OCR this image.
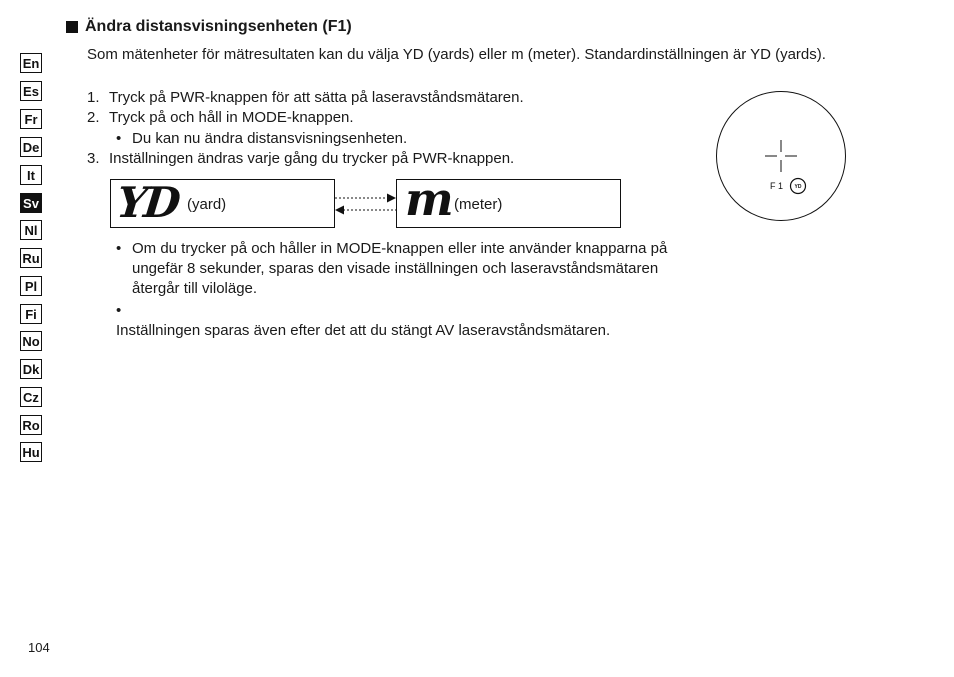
En
Es
Fr
De
It
Sv
Nl
Ru
Pl
Fi
No
Dk
Cz
Ro
Hu
Ändra distansvisningsenheten (F1)
Som mätenheter för mätresultaten kan du välja YD (yards) eller m (meter). Standardinställningen är YD (yards).
1. Tryck på PWR-knappen för att sätta på laseravståndsmätaren.
2. Tryck på och håll in MODE-knappen.
• Du kan nu ändra distansvisningsenheten.
3. Inställningen ändras varje gång du trycker på PWR-knappen.
YD (yard)	m (meter)
• Om du trycker på och håller in MODE-knappen eller inte använder knapparna på ungefär 8 sekunder, sparas den visade inställningen och laseravståndsmätaren återgår till viloläge.
•Inställningen sparas även efter det att du stängt AV laseravståndsmätaren.
F 1 YD
104
